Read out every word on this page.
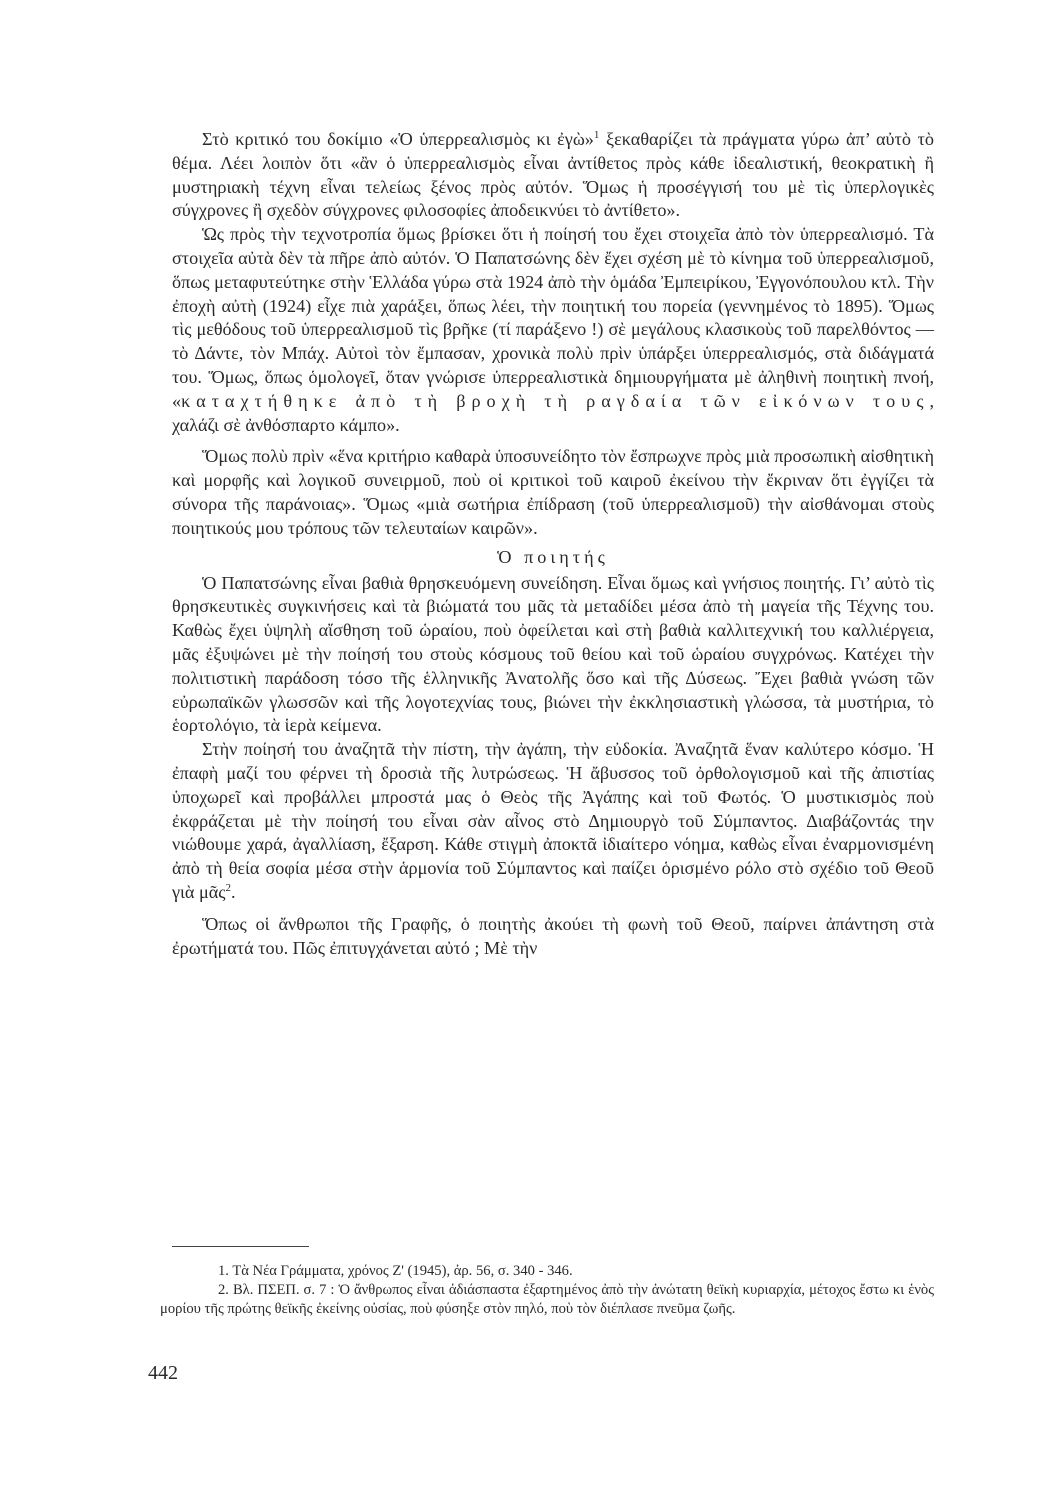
Στὸ κριτικό του δοκίμιο «Ὁ ὑπερρεαλισμὸς κι ἐγὼ»$^1$ ξεκαθαρίζει τὰ πράγματα γύρω ἀπ’ αὐτὸ τὸ θέμα. Λέει λοιπὸν ὅτι «ἂν ὁ ὑπερρεαλισμὸς εἶναι ἀντίθετος πρὸς κάθε ἰδεαλιστική, θεοκρατικὴ ἢ μυστηριακὴ τέχνη εἶναι τελείως ξένος πρὸς αὐτόν. Ὅμως ἡ προσέγγισή του μὲ τὶς ὑπερλογικὲς σύγχρονες ἢ σχεδὸν σύγχρονες φιλοσοφίες ἀποδεικνύει τὸ ἀντίθετο».

Ὡς πρὸς τὴν τεχνοτροπία ὅμως βρίσκει ὅτι ἡ ποίησή του ἔχει στοιχεῖα ἀπὸ τὸν ὑπερρεαλισμό. Τὰ στοιχεῖα αὐτὰ δὲν τὰ πῆρε ἀπὸ αὐτόν. Ὁ Παπατσώνης δὲν ἔχει σχέση μὲ τὸ κίνημα τοῦ ὑπερρεαλισμοῦ, ὅπως μεταφυτεύτηκε στὴν Ἑλλάδα γύρω στὰ 1924 ἀπὸ τὴν ὁμάδα Ἐμπειρίκου, Ἐγγονόπουλου κτλ. Τὴν ἐποχὴ αὐτὴ (1924) εἶχε πιὰ χαράξει, ὅπως λέει, τὴν ποιητική του πορεία (γεννημένος τὸ 1895). Ὅμως τὶς μεθόδους τοῦ ὑπερρεαλισμοῦ τὶς βρῆκε (τί παράξενο !) σὲ μεγάλους κλασικοὺς τοῦ παρελθόντος —τὸ Δάντε, τὸν Μπάχ. Αὐτοὶ τὸν ἔμπασαν, χρονικὰ πολὺ πρὶν ὑπάρξει ὑπερρεαλισμός, στὰ διδάγματά του. Ὅμως, ὅπως ὁμολογεῖ, ὅταν γνώρισε ὑπερρεαλιστικὰ δημιουργήματα μὲ ἀληθινὴ ποιητικὴ πνοή, «καταχτήθηκε ἀπὸ τὴ βροχὴ τὴ ραγδαία τῶν εἰκόνων τους, χαλάζι σὲ ἀνθόσπαρτο κάμπο».

Ὅμως πολὺ πρὶν «ἕνα κριτήριο καθαρὰ ὑποσυνείδητο τὸν ἔσπρωχνε πρὸς μιὰ προσωπικὴ αἰσθητικὴ καὶ μορφῆς καὶ λογικοῦ συνειρμοῦ, ποὺ οἱ κριτικοὶ τοῦ καιροῦ ἐκείνου τὴν ἔκριναν ὅτι ἐγγίζει τὰ σύνορα τῆς παράνοιας». Ὅμως «μιὰ σωτήρια ἐπίδραση (τοῦ ὑπερρεαλισμοῦ) τὴν αἰσθάνομαι στοὺς ποιητικούς μου τρόπους τῶν τελευταίων καιρῶν».

Ὁ ποιητής

Ὁ Παπατσώνης εἶναι βαθιὰ θρησκευόμενη συνείδηση. Εἶναι ὅμως καὶ γνήσιος ποιητής. Γι’ αὐτὸ τὶς θρησκευτικὲς συγκινήσεις καὶ τὰ βιώματά του μᾶς τὰ μεταδίδει μέσα ἀπὸ τὴ μαγεία τῆς Τέχνης του. Καθὼς ἔχει ὑψηλὴ αἴσθηση τοῦ ὡραίου, ποὺ ὀφείλεται καὶ στὴ βαθιὰ καλλιτεχνική του καλλιέργεια, μᾶς ἐξυψώνει μὲ τὴν ποίησή του στοὺς κόσμους τοῦ θείου καὶ τοῦ ὡραίου συγχρόνως. Κατέχει τὴν πολιτιστικὴ παράδοση τόσο τῆς ἑλληνικῆς Ἀνατολῆς ὅσο καὶ τῆς Δύσεως. Ἔχει βαθιὰ γνώση τῶν εὐρωπαϊκῶν γλωσσῶν καὶ τῆς λογοτεχνίας τους, βιώνει τὴν ἐκκλησιαστικὴ γλώσσα, τὰ μυστήρια, τὸ ἑορτολόγιο, τὰ ἱερὰ κείμενα.

Στὴν ποίησή του ἀναζητᾶ τὴν πίστη, τὴν ἀγάπη, τὴν εὐδοκία. Ἀναζητᾶ ἕναν καλύτερο κόσμο. Ἡ ἐπαφὴ μαζί του φέρνει τὴ δροσιὰ τῆς λυτρώσεως. Ἡ ἄβυσσος τοῦ ὀρθολογισμοῦ καὶ τῆς ἀπιστίας ὑποχωρεῖ καὶ προβάλλει μπροστά μας ὁ Θεὸς τῆς Ἀγάπης καὶ τοῦ Φωτός. Ὁ μυστικισμὸς ποὺ ἐκφράζεται μὲ τὴν ποίησή του εἶναι σὰν αἶνος στὸ Δημιουργὸ τοῦ Σύμπαντος. Διαβάζοντάς την νιώθουμε χαρά, ἀγαλλίαση, ἔξαρση. Κάθε στιγμὴ ἀποκτᾶ ἰδιαίτερο νόημα, καθὼς εἶναι ἐναρμονισμένη ἀπὸ τὴ θεία σοφία μέσα στὴν ἁρμονία τοῦ Σύμπαντος καὶ παίζει ὁρισμένο ρόλο στὸ σχέδιο τοῦ Θεοῦ γιὰ μᾶς$^2$.

Ὅπως οἱ ἄνθρωποι τῆς Γραφῆς, ὁ ποιητὴς ἀκούει τὴ φωνὴ τοῦ Θεοῦ, παίρνει ἀπάντηση στὰ ἐρωτήματά του. Πῶς ἐπιτυγχάνεται αὐτό ; Μὲ τὴν

1. Τὰ Νέα Γράμματα, χρόνος Ζ' (1945), ἀρ. 56, σ. 340 - 346.

2. Βλ. ΠΣΕΠ. σ. 7 : Ὁ ἄνθρωπος εἶναι ἀδιάσπαστα ἐξαρτημένος ἀπὸ τὴν ἀνώτατη θεϊκὴ κυριαρχία, μέτοχος ἔστω κι ἑνὸς μορίου τῆς πρώτης θεϊκῆς ἐκείνης οὐσίας, ποὺ φύσηξε στὸν πηλό, ποὺ τὸν διέπλασε πνεῦμα ζωῆς.

442
